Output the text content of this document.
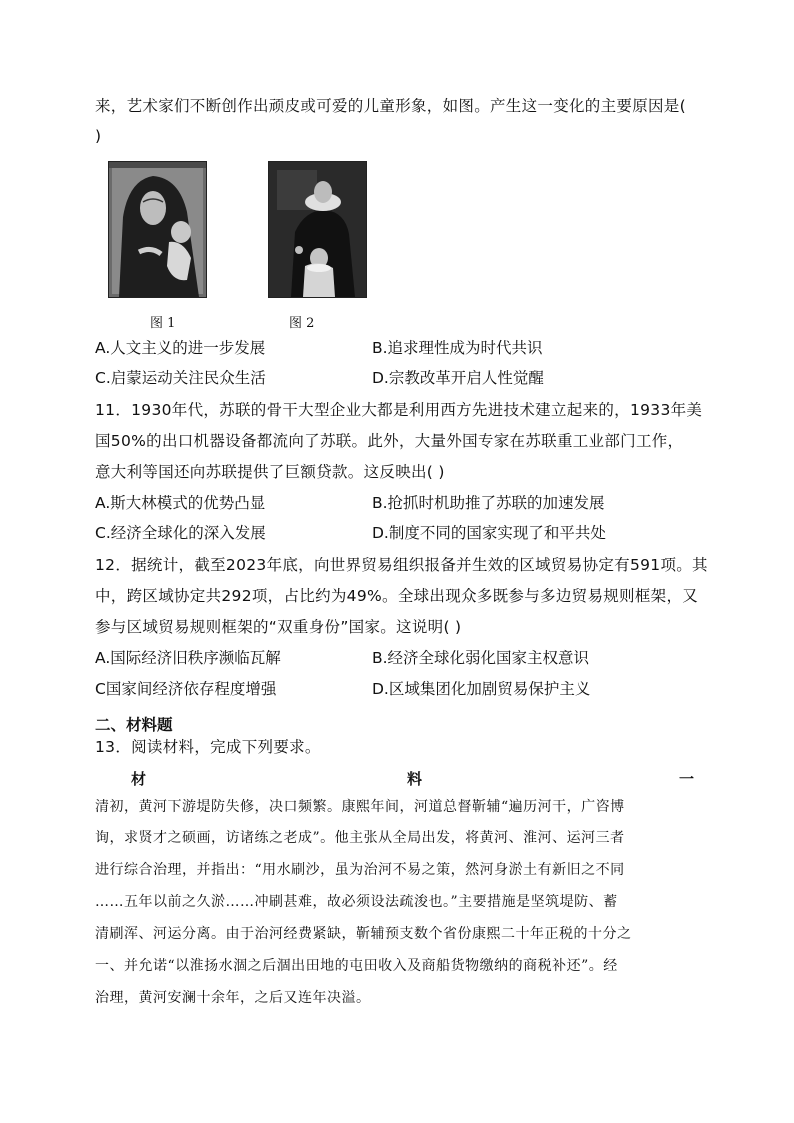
来，艺术家们不断创作出顽皮或可爱的儿童形象，如图。产生这一变化的主要原因是(
)
图 1	图 2
A.人文主义的进一步发展	B.追求理性成为时代共识
C.启蒙运动关注民众生活	D.宗教改革开启人性觉醒
11．1930年代，苏联的骨干大型企业大都是利用西方先进技术建立起来的，1933年美
国50%的出口机器设备都流向了苏联。此外，大量外国专家在苏联重工业部门工作，
意大利等国还向苏联提供了巨额贷款。这反映出( )
A.斯大林模式的优势凸显	B.抢抓时机助推了苏联的加速发展
C.经济全球化的深入发展	D.制度不同的国家实现了和平共处
12．据统计，截至2023年底，向世界贸易组织报备并生效的区域贸易协定有591项。其
中，跨区域协定共292项，占比约为49%。全球出现众多既参与多边贸易规则框架，又
参与区域贸易规则框架的“双重身份”国家。这说明( )
A.国际经济旧秩序濒临瓦解	B.经济全球化弱化国家主权意识
C国家间经济依存程度增强	D.区域集团化加剧贸易保护主义
二、材料题
13．阅读材料，完成下列要求。
材	料	一
清初，黄河下游堤防失修，决口频繁。康熙年间，河道总督靳辅“遍历河干，广咨博
询，求贤才之硕画，访诸练之老成”。他主张从全局出发，将黄河、淮河、运河三者
进行综合治理，并指出：“用水刷沙，虽为治河不易之策，然河身淤土有新旧之不同
……五年以前之久淤……冲刷甚难，故必须设法疏浚也。”主要措施是坚筑堤防、蓄
清刷浑、河运分离。由于治河经费紧缺，靳辅预支数个省份康熙二十年正税的十分之
一、并允诺“以淮扬水涸之后涸出田地的屯田收入及商船货物缴纳的商税补还”。经
治理，黄河安澜十余年，之后又连年决溢。
